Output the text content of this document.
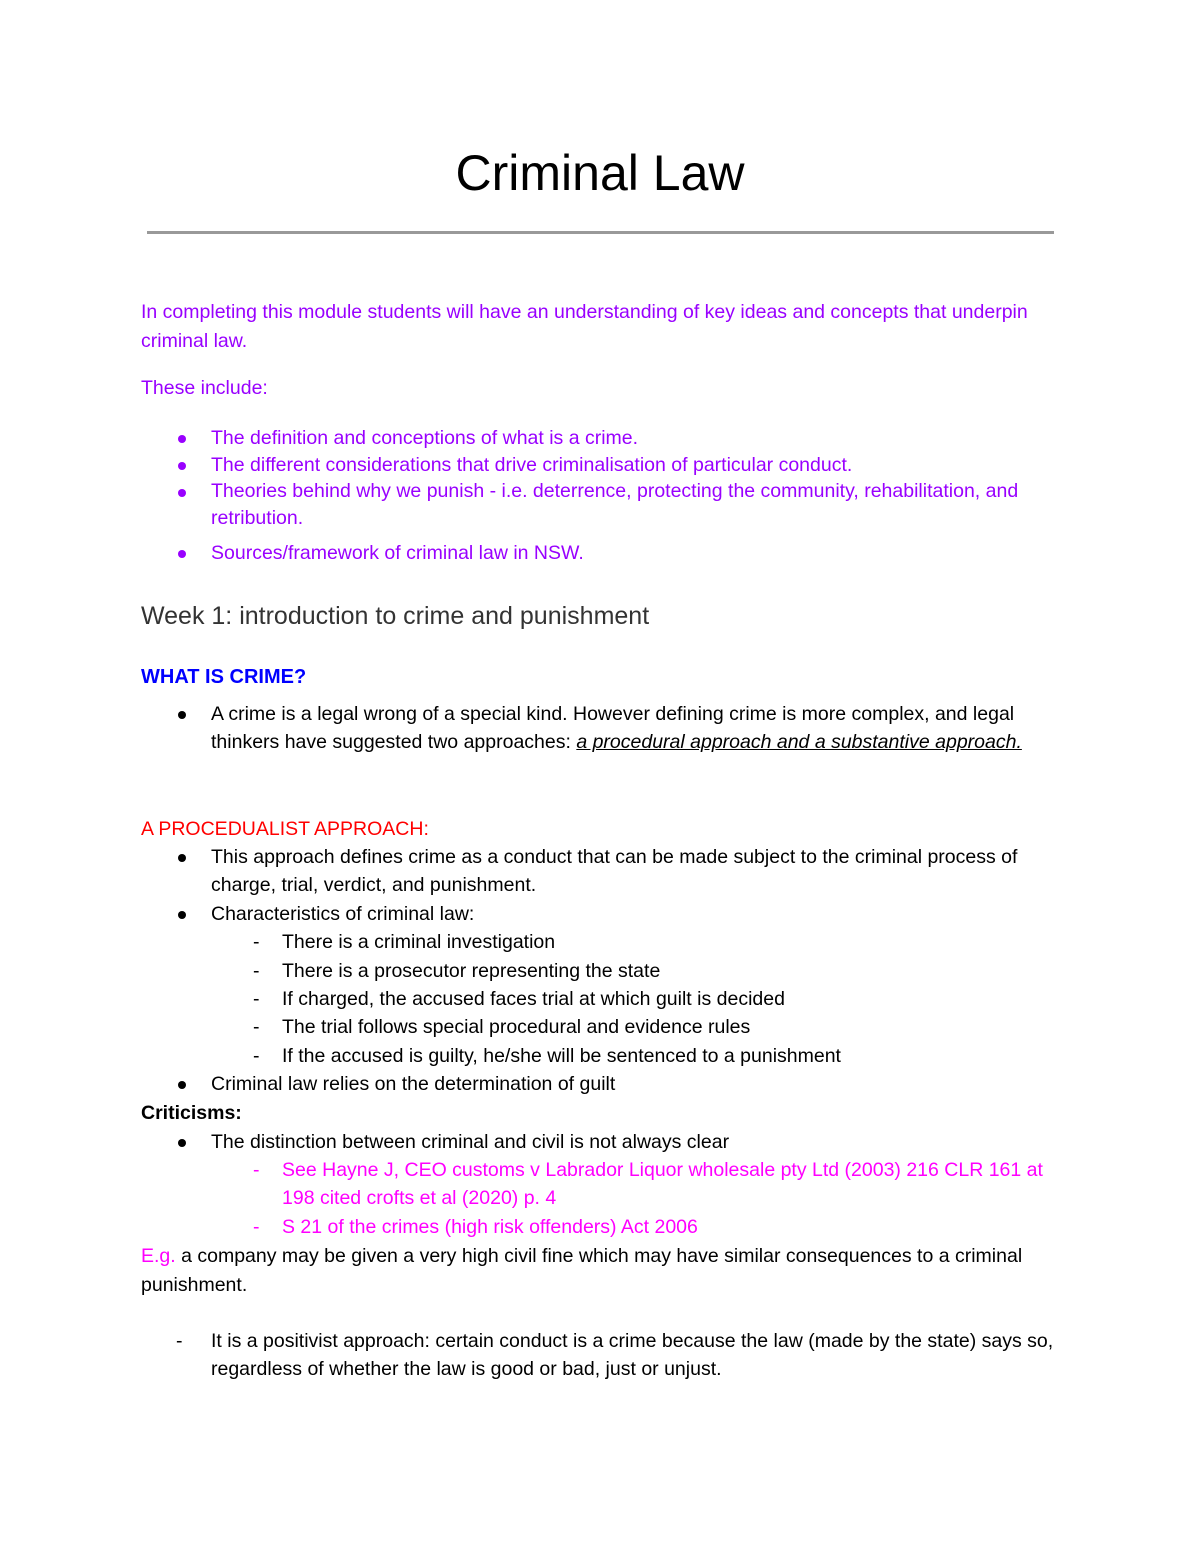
Criminal Law

In completing this module students will have an understanding of key ideas and concepts that underpin criminal law.

These include:

The definition and conceptions of what is a crime.
The different considerations that drive criminalisation of particular conduct.
Theories behind why we punish - i.e. deterrence, protecting the community, rehabilitation, and retribution.
Sources/framework of criminal law in NSW.
Week 1: introduction to crime and punishment
WHAT IS CRIME?
A crime is a legal wrong of a special kind. However defining crime is more complex, and legal thinkers have suggested two approaches: a procedural approach and a substantive approach.

A PROCEDUALIST APPROACH:

This approach defines crime as a conduct that can be made subject to the criminal process of charge, trial, verdict, and punishment.
Characteristics of criminal law:
- There is a criminal investigation
- There is a prosecutor representing the state
- If charged, the accused faces trial at which guilt is decided
- The trial follows special procedural and evidence rules
- If the accused is guilty, he/she will be sentenced to a punishment
Criminal law relies on the determination of guilt

Criticisms:

The distinction between criminal and civil is not always clear
- See Hayne J, CEO customs v Labrador Liquor wholesale pty Ltd (2003) 216 CLR 161 at 198 cited crofts et al (2020) p. 4
- S 21 of the crimes (high risk offenders) Act 2006

E.g. a company may be given a very high civil fine which may have similar consequences to a criminal punishment.

- It is a positivist approach: certain conduct is a crime because the law (made by the state) says so, regardless of whether the law is good or bad, just or unjust.
